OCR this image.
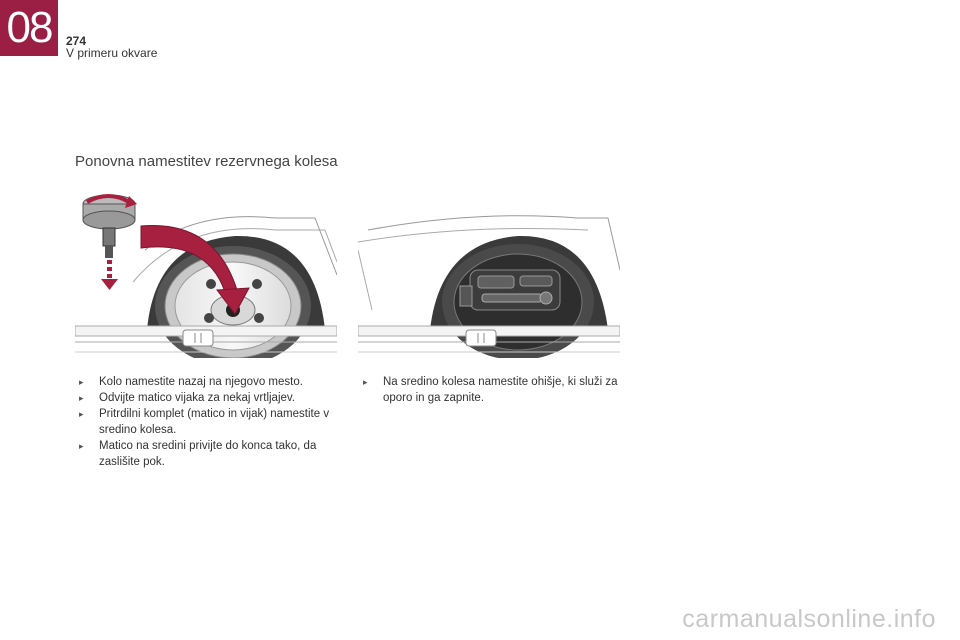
08 274
V primeru okvare
Ponovna namestitev rezervnega kolesa
▸ Kolo namestite nazaj na njegovo mesto.
▸ Odvijte matico vijaka za nekaj vrtljajev.
▸ Pritrdilni komplet (matico in vijak) namestite v sredino kolesa.
▸ Matico na sredini privijte do konca tako, da zaslišite pok.
▸ Na sredino kolesa namestite ohišje, ki služi za oporo in ga zapnite.
carmanualsonline.info
